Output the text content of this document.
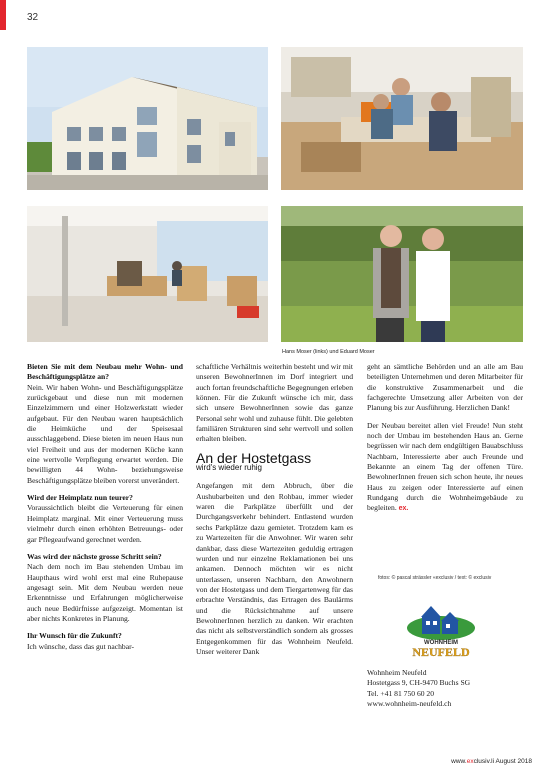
32
Hans Moser (links) und Eduard Moser

Bieten Sie mit dem Neubau mehr Wohn- und Beschäftigungsplätze an?

Nein. Wir haben Wohn- und Beschäftigungsplätze zurückgebaut und diese nun mit modernen Einzelzimmern und einer Holzwerkstatt wieder aufgebaut. Für den Neubau waren hauptsächlich die Heimküche und der Speisesaal ausschlaggebend. Diese bieten im neuen Haus nun viel Freiheit und aus der modernen Küche kann eine wertvolle Verpflegung erwartet werden. Die bewilligten 44 Wohn- beziehungsweise Beschäftigungsplätze bleiben vorerst unverändert.

Wird der Heimplatz nun teurer?

Voraussichtlich bleibt die Verteuerung für einen Heimplatz marginal. Mit einer Verteuerung muss vielmehr durch einen erhöhten Betreuungs- oder gar Pflegeaufwand gerechnet werden.

Was wird der nächste grosse Schritt sein?

Nach dem noch im Bau stehenden Umbau im Haupthaus wird wohl erst mal eine Ruhepause angesagt sein. Mit dem Neubau werden neue Erkenntnisse und Erfahrungen möglicherweise auch neue Bedürfnisse aufgezeigt. Momentan ist aber nichts Konkretes in Planung.

Ihr Wunsch für die Zukunft?

Ich wünsche, dass das gut nachbar-

schaftliche Verhältnis weiterhin besteht und wir mit unseren BewohnerInnen im Dorf integriert und auch fortan freundschaftliche Begegnungen erleben können. Für die Zukunft wünsche ich mir, dass sich unsere BewohnerInnen sowie das ganze Personal sehr wohl und zuhause fühlt. Die gelebten familiären Strukturen sind sehr wertvoll und sollen erhalten bleiben.

An der Hostetgass
wird's wieder ruhig

Angefangen mit dem Abbruch, über die Aushubarbeiten und den Rohbau, immer wieder waren die Parkplätze überfüllt und der Durchgangsverkehr behindert. Entlastend wurden sechs Parkplätze dazu gemietet. Trotzdem kam es zu Wartezeiten für die Anwohner. Wir waren sehr dankbar, dass diese Wartezeiten geduldig ertragen wurden und nur einzelne Reklamationen bei uns ankamen. Dennoch möchten wir es nicht unterlassen, unseren Nachbarn, den Anwohnern von der Hostetgass und dem Tiergartenweg für das erbrachte Verständnis, das Ertragen des Baulärms und die Rücksichtnahme auf unsere BewohnerInnen herzlich zu danken. Wir erachten das nicht als selbstverständlich sondern als grosses Entgegenkommen für das Wohnheim Neufeld. Unser weiterer Dank

geht an sämtliche Behörden und an alle am Bau beteiligten Unternehmen und deren Mitarbeiter für die konstruktive Zusammenarbeit und die fachgerechte Umsetzung aller Arbeiten von der Planung bis zur Ausführung. Herzlichen Dank!

Der Neubau bereitet allen viel Freude! Nun steht noch der Umbau im bestehenden Haus an. Gerne begrüssen wir nach dem endgültigen Bauabschluss Nachbarn, Interessierte aber auch Freunde und Bekannte an einem Tag der offenen Türe. BewohnerInnen freuen sich schon heute, ihr neues Haus zu zeigen oder Interessierte auf einen Rundgang durch die Wohnheimgebäude zu begleiten. ex.

fotos: © pascal strässler «exclusiv / text: © exclusiv
WOHNHEIM
NEUFELD
Wohnheim Neufeld
Hostetgass 9, CH-9470 Buchs SG
Tel. +41 81 750 60 20
www.wohnheim-neufeld.ch
www.exclusiv.li August 2018
